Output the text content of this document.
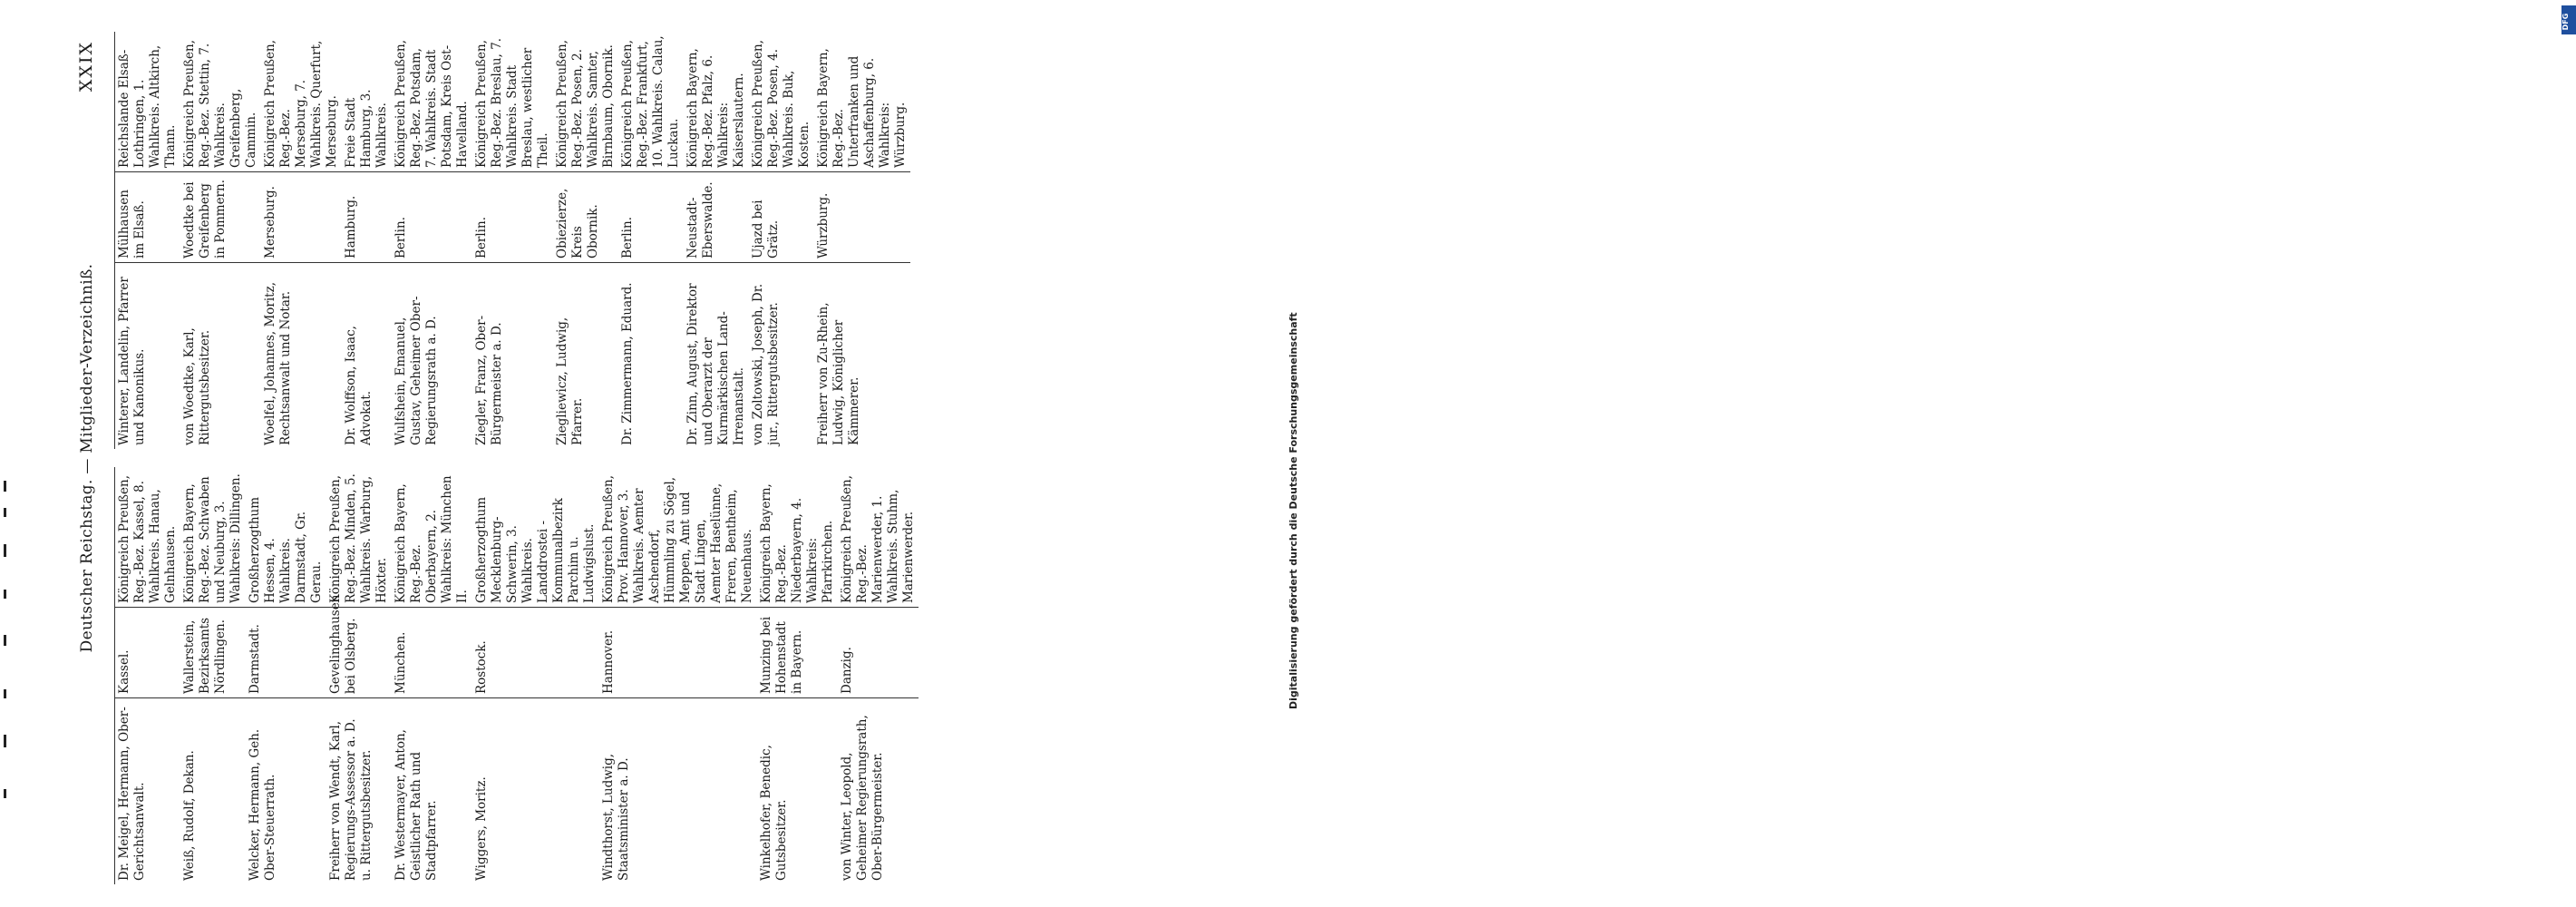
Deutscher Reichstag. — Mitglieder-Verzeichniß.
XXIX
Dr. Meigel, Hermann, Ober-Gerichtsanwalt.
Kassel.
Königreich Preußen, Reg.-Bez. Kassel, 8. Wahlkreis. Hanau, Gelnhausen.
Weiß, Rudolf, Dekan.
Wallerstein, Bezirksamts Nördlingen.
Königreich Bayern, Reg.-Bez. Schwaben und Neuburg, 3. Wahlkreis: Dillingen.
Welcker, Hermann, Geh. Ober-Steuerrath.
Darmstadt.
Großherzogthum Hessen, 4. Wahlkreis. Darmstadt, Gr. Gerau.
Freiherr von Wendt, Karl, Regierungs-Assessor a. D. u. Rittergutsbesitzer.
Gevelinghausen bei Olsberg.
Königreich Preußen, Reg.-Bez. Minden, 5. Wahlkreis. Warburg, Höxter.
Dr. Westermayer, Anton, Geistlicher Rath und Stadtpfarrer.
München.
Königreich Bayern, Reg.-Bez. Oberbayern, 2. Wahlkreis: München II.
Wiggers, Moritz.
Rostock.
Großherzogthum Mecklenburg-Schwerin, 3. Wahlkreis. Landdrostei - Kommunalbezirk Parchim u. Ludwigslust.
Windthorst, Ludwig, Staatsminister a. D.
Hannover.
Königreich Preußen, Prov. Hannover, 3. Wahlkreis. Aemter Aschendorf, Hümmling zu Sögel, Meppen, Amt und Stadt Lingen, Aemter Haselünne, Freren, Bentheim, Neuenhaus.
Winkelhofer, Benedic, Gutsbesitzer.
Munzing bei Hohenstadt in Bayern.
Königreich Bayern, Reg.-Bez. Niederbayern, 4. Wahlkreis: Pfarrkirchen.
von Winter, Leopold, Geheimer Regierungsrath, Ober-Bürgermeister.
Danzig.
Königreich Preußen, Reg.-Bez. Marienwerder, 1. Wahlkreis. Stuhm, Marienwerder.
Winterer, Landelin, Pfarrer und Kanonikus.
Mülhausen im Elsaß.
Reichslande Elsaß-Lothringen, 1. Wahlkreis. Altkirch, Thann.
von Woedtke, Karl, Rittergutsbesitzer.
Woedtke bei Greifenberg in Pommern.
Königreich Preußen, Reg.-Bez. Stettin, 7. Wahlkreis. Greifenberg, Cammin.
Woelfel, Johannes, Moritz, Rechtsanwalt und Notar.
Merseburg.
Königreich Preußen, Reg.-Bez. Merseburg, 7. Wahlkreis. Querfurt, Merseburg.
Dr. Wolffson, Isaac, Advokat.
Hamburg.
Freie Stadt Hamburg, 3. Wahlkreis.
Wulfshein, Emanuel, Gustav, Geheimer Ober-Regierungsrath a. D.
Berlin.
Königreich Preußen, Reg.-Bez. Potsdam, 7. Wahlkreis. Stadt Potsdam, Kreis Ost-Havelland.
Ziegler, Franz, Ober-Bürgermeister a. D.
Berlin.
Königreich Preußen, Reg.-Bez. Breslau, 7. Wahlkreis. Stadt Breslau, westlicher Theil.
Ziegliewicz, Ludwig, Pfarrer.
Obiezierze, Kreis Obornik.
Königreich Preußen, Reg.-Bez. Posen, 2. Wahlkreis. Samter, Birnbaum, Obornik.
Dr. Zimmermann, Eduard.
Berlin.
Königreich Preußen, Reg.-Bez. Frankfurt, 10. Wahlkreis. Calau, Luckau.
Dr. Zinn, August, Direktor und Oberarzt der Kurmärkischen Land-Irrenanstalt.
Neustadt-Eberswalde.
Königreich Bayern, Reg.-Bez. Pfalz, 6. Wahlkreis: Kaiserslautern.
von Zoltowski, Joseph, Dr. jur., Rittergutsbesitzer.
Ujazd bei Grätz.
Königreich Preußen, Reg.-Bez. Posen, 4. Wahlkreis. Buk, Kosten.
Freiherr von Zu-Rhein, Ludwig, Königlicher Kämmerer.
Würzburg.
Königreich Bayern, Reg.-Bez. Unterfranken und Aschaffenburg, 6. Wahlkreis: Würzburg.
DFG
Digitalisierung gefördert durch die Deutsche Forschungsgemeinschaft
